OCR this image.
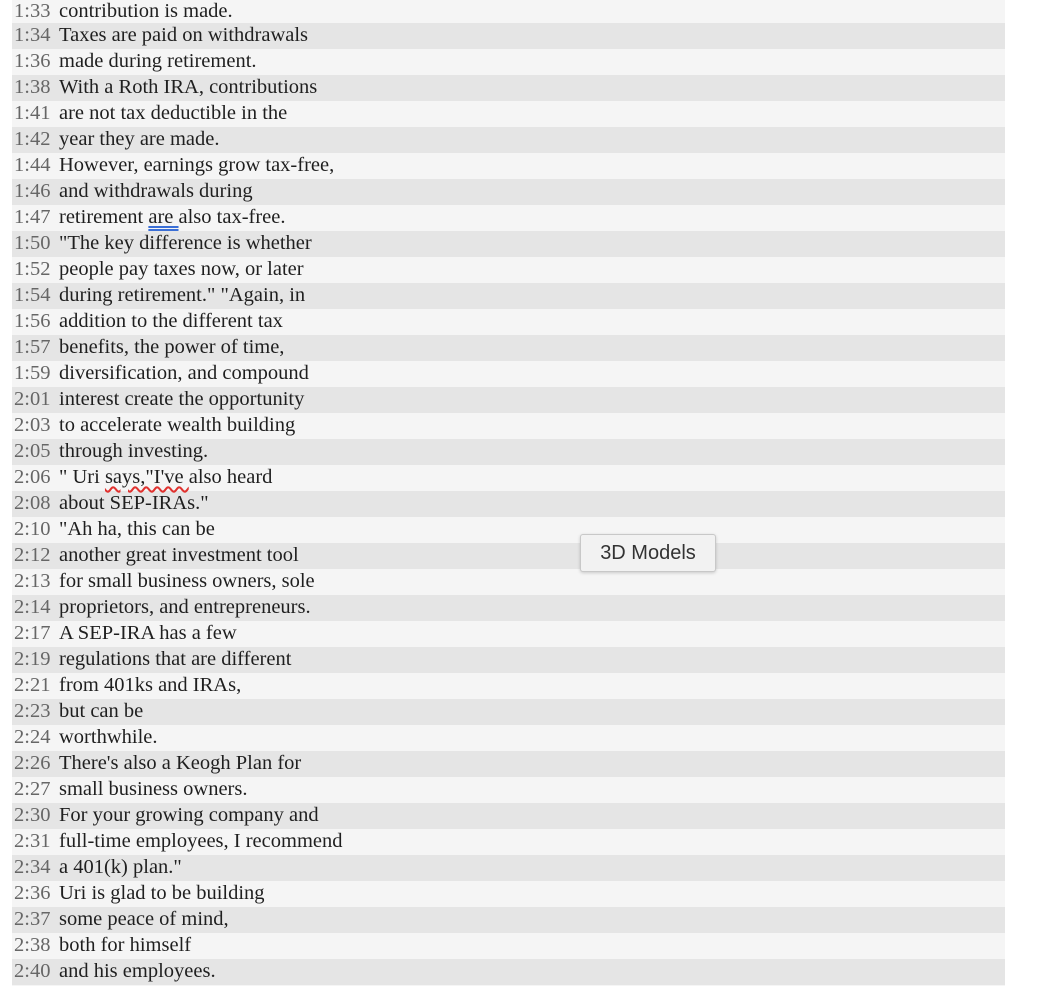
1:33 contribution is made.
1:34 Taxes are paid on withdrawals
1:36 made during retirement.
1:38 With a Roth IRA, contributions
1:41 are not tax deductible in the
1:42 year they are made.
1:44 However, earnings grow tax-free,
1:46 and withdrawals during
1:47 retirement are also tax-free.
1:50 "The key difference is whether
1:52 people pay taxes now, or later
1:54 during retirement." "Again, in
1:56 addition to the different tax
1:57 benefits, the power of time,
1:59 diversification, and compound
2:01 interest create the opportunity
2:03 to accelerate wealth building
2:05 through investing.
2:06 " Uri says,"I've also heard
2:08 about SEP-IRAs."
2:10 "Ah ha, this can be
2:12 another great investment tool
2:13 for small business owners, sole
2:14 proprietors, and entrepreneurs.
2:17 A SEP-IRA has a few
2:19 regulations that are different
2:21 from 401ks and IRAs,
2:23 but can be
2:24 worthwhile.
2:26 There's also a Keogh Plan for
2:27 small business owners.
2:30 For your growing company and
2:31 full-time employees, I recommend
2:34 a 401(k) plan."
2:36 Uri is glad to be building
2:37 some peace of mind,
2:38 both for himself
2:40 and his employees.
3D Models
